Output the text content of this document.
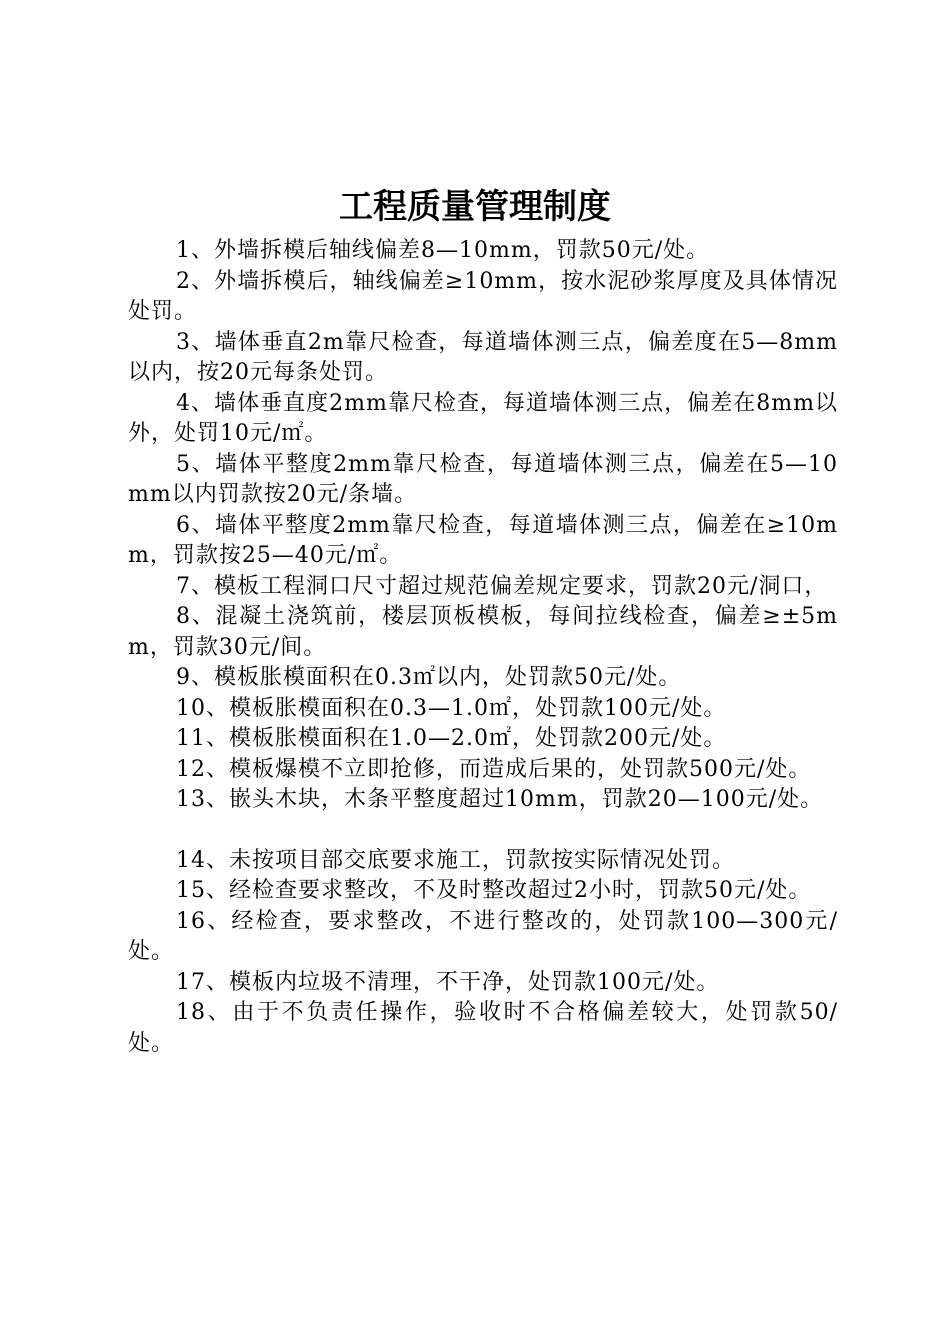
工程质量管理制度

1、外墙拆模后轴线偏差8—10mm，罚款50元/处。

2、外墙拆模后，轴线偏差≥10mm，按水泥砂浆厚度及具体情况处罚。

3、墙体垂直2m靠尺检查，每道墙体测三点，偏差度在5—8mm以内，按20元每条处罚。

4、墙体垂直度2mm靠尺检查，每道墙体测三点，偏差在8mm以外，处罚10元/㎡。

5、墙体平整度2mm靠尺检查，每道墙体测三点，偏差在5—10mm以内罚款按20元/条墙。

6、墙体平整度2mm靠尺检查，每道墙体测三点，偏差在≥10mm，罚款按25—40元/㎡。

7、模板工程洞口尺寸超过规范偏差规定要求，罚款20元/洞口，

8、混凝土浇筑前，楼层顶板模板，每间拉线检查，偏差≥±5mm，罚款30元/间。

9、模板胀模面积在0.3㎡以内，处罚款50元/处。

10、模板胀模面积在0.3—1.0㎡，处罚款100元/处。

11、模板胀模面积在1.0—2.0㎡，处罚款200元/处。

12、模板爆模不立即抢修，而造成后果的，处罚款500元/处。

13、嵌头木块，木条平整度超过10mm，罚款20—100元/处。

14、未按项目部交底要求施工，罚款按实际情况处罚。

15、经检查要求整改，不及时整改超过2小时，罚款50元/处。

16、经检查，要求整改，不进行整改的，处罚款100—300元/处。

17、模板内垃圾不清理，不干净，处罚款100元/处。

18、由于不负责任操作，验收时不合格偏差较大，处罚款50/处。
